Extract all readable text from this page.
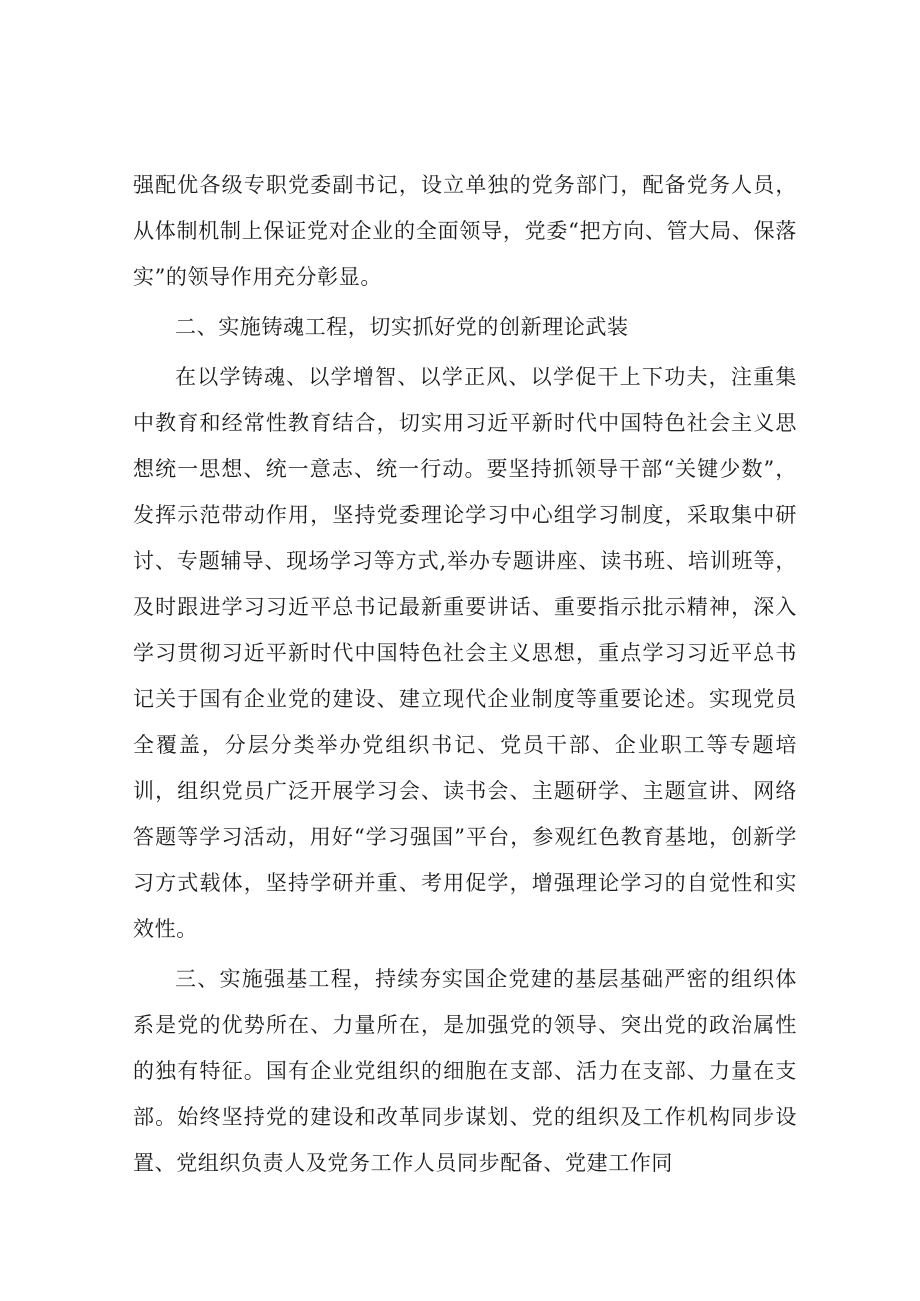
强配优各级专职党委副书记，设立单独的党务部门，配备党务人员，从体制机制上保证党对企业的全面领导，党委“把方向、管大局、保落实”的领导作用充分彰显。

二、实施铸魂工程，切实抓好党的创新理论武装

在以学铸魂、以学增智、以学正风、以学促干上下功夫，注重集中教育和经常性教育结合，切实用习近平新时代中国特色社会主义思想统一思想、统一意志、统一行动。要坚持抓领导干部“关键少数”，发挥示范带动作用，坚持党委理论学习中心组学习制度，采取集中研讨、专题辅导、现场学习等方式,举办专题讲座、读书班、培训班等，及时跟进学习习近平总书记最新重要讲话、重要指示批示精神，深入学习贯彻习近平新时代中国特色社会主义思想，重点学习习近平总书记关于国有企业党的建设、建立现代企业制度等重要论述。实现党员全覆盖，分层分类举办党组织书记、党员干部、企业职工等专题培训，组织党员广泛开展学习会、读书会、主题研学、主题宣讲、网络答题等学习活动，用好“学习强国”平台，参观红色教育基地，创新学习方式载体，坚持学研并重、考用促学，增强理论学习的自觉性和实效性。

三、实施强基工程，持续夯实国企党建的基层基础严密的组织体系是党的优势所在、力量所在，是加强党的领导、突出党的政治属性的独有特征。国有企业党组织的细胞在支部、活力在支部、力量在支部。始终坚持党的建设和改革同步谋划、党的组织及工作机构同步设置、党组织负责人及党务工作人员同步配备、党建工作同
